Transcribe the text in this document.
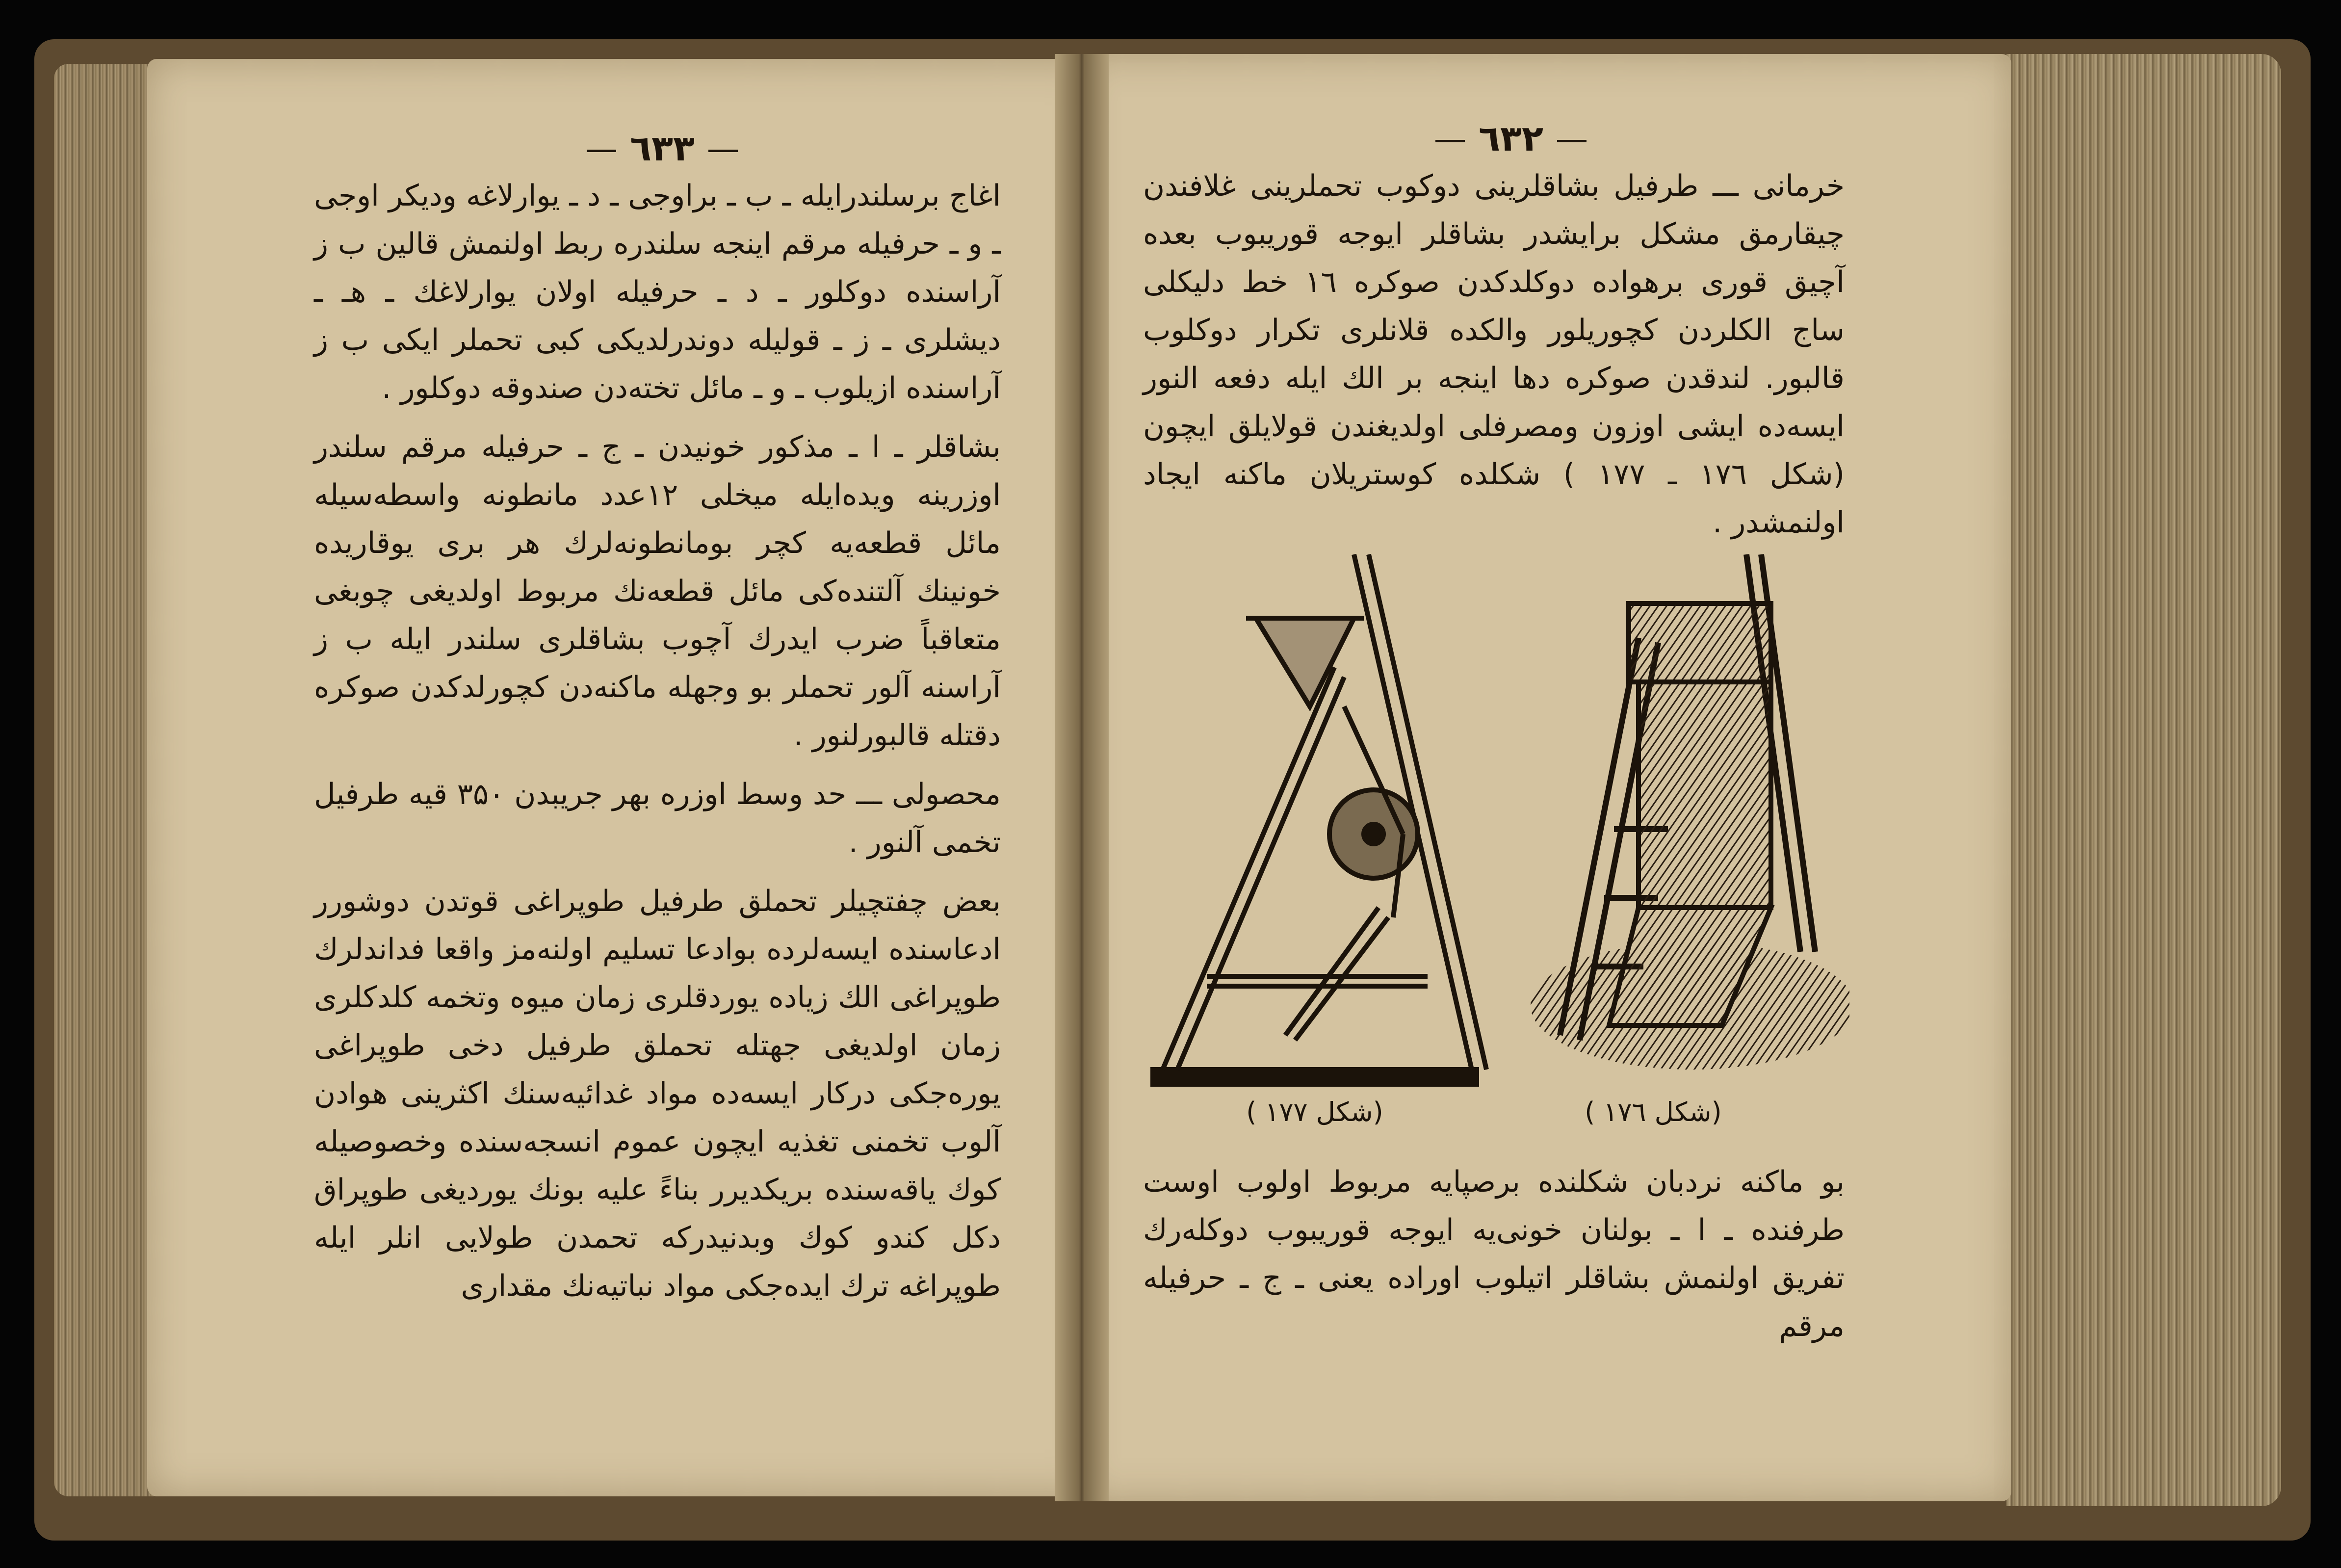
٦٣٣

اغاج برسلندرایله ـ ب ـ براوجی ـ د ـ یوارلاغه ودیکر اوجی ـ و ـ حرفیله مرقم اینجه سلندره ربط اولنمش قالین ب ز آراسنده دوکلور ـ د ـ حرفیله اولان یوارلاغك ـ هـ ـ دیشلری ـ ز ـ قولیله دوندرلدیکی کبی تحملر ایکی ب ز آراسنده ازیلوب ـ و ـ مائل تخته‌دن صندوقه دوکلور .

بشاقلر ـ ا ـ مذکور خونیدن ـ ج ـ حرفیله مرقم سلندر اوزرینه ویده‌ایله میخلی ۱۲عدد مانطونه واسطه‌سیله مائل قطعه‌یه کچر بومانطونه‌لرك هر بری یوقاریده خونینك آلتنده‌کی مائل قطعه‌نك مربوط اولدیغی چوبغی متعاقباً ضرب ایدرك آچوب بشاقلری سلندر ایله ب ز آراسنه آلور تحملر بو وجهله ماکنه‌دن کچورلدکدن صوکره دقتله قالبورلنور .

محصولی ـــ حد وسط اوزره بهر جریبدن ۳۵۰ قیه طرفیل تخمی آلنور .

بعض چفتچیلر تحملق طرفیل طوپراغی قوتدن دوشورر ادعاسنده ایسه‌لرده بوادعا تسلیم اولنه‌مز واقعا فداندلرك طوپراغی الك زیاده یوردقلری زمان میوه وتخمه کلدکلری زمان اولدیغی جهتله تحملق طرفیل دخی طوپراغی یوره‌جکی درکار ایسه‌ده مواد غدائیه‌سنك اکثرینی هوادن آلوب تخمنی تغذیه ایچون عموم انسجه‌سنده وخصوصیله کوك یاقه‌سنده بریکدیرر بناءً علیه بونك یوردیغی طوپراق دکل کندو کوك وبدنیدرکه تحمدن طولایی انلر ایله طوپراغه ترك ایده‌جکی مواد نباتیه‌نك مقداری

٦٣٢

خرمانی ـــ طرفیل بشاقلرینی دوکوب تحملرینی غلافندن چیقارمق مشکل برایشدر بشاقلر ایوجه قوریبوب بعده آچیق قوری برهواده دوکلدکدن صوکره ۱٦ خط دلیکلی ساج الکلردن کچوریلور والکده قلانلری تکرار دوکلوب قالبور. لندقدن صوکره دها اینجه بر الك ایله دفعه النور ایسه‌ده ایشی اوزون ومصرفلی اولدیغندن قولایلق ایچون (شکل ۱۷٦ ـ ۱۷۷ ) شکلده کوستریلان ماکنه ایجاد اولنمشدر .

(شکل ۱۷۷ )	(شکل ۱۷٦ )

بو ماکنه نردبان شکلنده برصپایه مربوط اولوب اوست طرفنده ـ ا ـ بولنان خونی‌یه ایوجه قوریبوب دوکلەرك تفریق اولنمش بشاقلر اتیلوب اوراده یعنی ـ ج ـ حرفیله مرقم
